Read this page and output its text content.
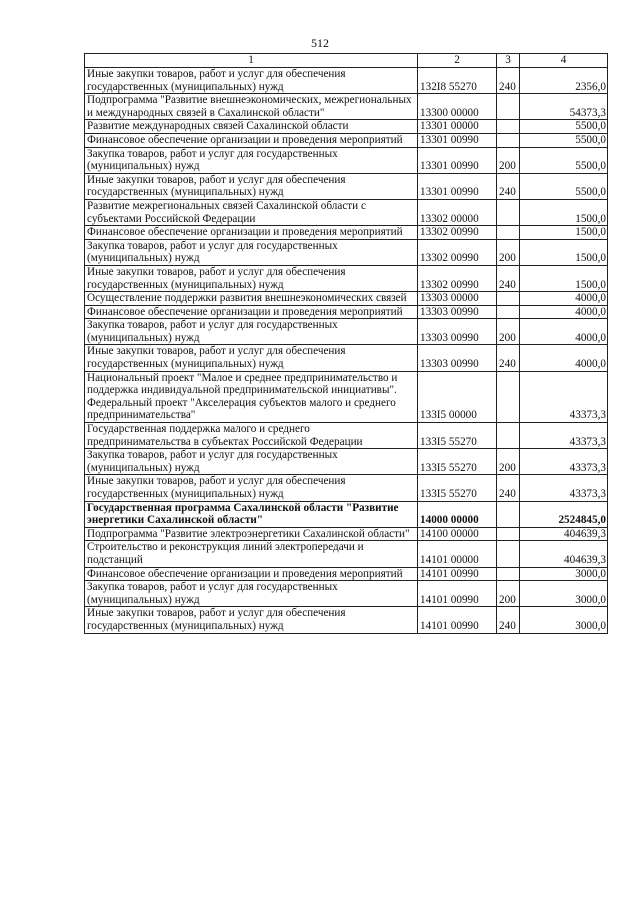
512
1	2	3	4
Иные закупки товаров, работ и услуг для обеспечения государственных (муниципальных) нужд	132I8 55270	240	2356,0
Подпрограмма "Развитие внешнеэкономических, межрегиональных и международных связей в Сахалинской области"	13300 00000		54373,3
Развитие международных связей Сахалинской области	13301 00000		5500,0
Финансовое обеспечение организации и проведения мероприятий	13301 00990		5500,0
Закупка товаров, работ и услуг для государственных (муниципальных) нужд	13301 00990	200	5500,0
Иные закупки товаров, работ и услуг для обеспечения государственных (муниципальных) нужд	13301 00990	240	5500,0
Развитие межрегиональных связей Сахалинской области с субъектами Российской Федерации	13302 00000		1500,0
Финансовое обеспечение организации и проведения мероприятий	13302 00990		1500,0
Закупка товаров, работ и услуг для государственных (муниципальных) нужд	13302 00990	200	1500,0
Иные закупки товаров, работ и услуг для обеспечения государственных (муниципальных) нужд	13302 00990	240	1500,0
Осуществление поддержки развития внешнеэкономических связей	13303 00000		4000,0
Финансовое обеспечение организации и проведения мероприятий	13303 00990		4000,0
Закупка товаров, работ и услуг для государственных (муниципальных) нужд	13303 00990	200	4000,0
Иные закупки товаров, работ и услуг для обеспечения государственных (муниципальных) нужд	13303 00990	240	4000,0
Национальный проект "Малое и среднее предпринимательство и поддержка индивидуальной предпринимательской инициативы". Федеральный проект "Акселерация субъектов малого и среднего предпринимательства"	133I5 00000		43373,3
Государственная поддержка малого и среднего предпринимательства в субъектах Российской Федерации	133I5 55270		43373,3
Закупка товаров, работ и услуг для государственных (муниципальных) нужд	133I5 55270	200	43373,3
Иные закупки товаров, работ и услуг для обеспечения государственных (муниципальных) нужд	133I5 55270	240	43373,3
Государственная программа Сахалинской области "Развитие энергетики Сахалинской области"	14000 00000		2524845,0
Подпрограмма "Развитие электроэнергетики Сахалинской области"	14100 00000		404639,3
Строительство и реконструкция линий электропередачи и подстанций	14101 00000		404639,3
Финансовое обеспечение организации и проведения мероприятий	14101 00990		3000,0
Закупка товаров, работ и услуг для государственных (муниципальных) нужд	14101 00990	200	3000,0
Иные закупки товаров, работ и услуг для обеспечения государственных (муниципальных) нужд	14101 00990	240	3000,0
